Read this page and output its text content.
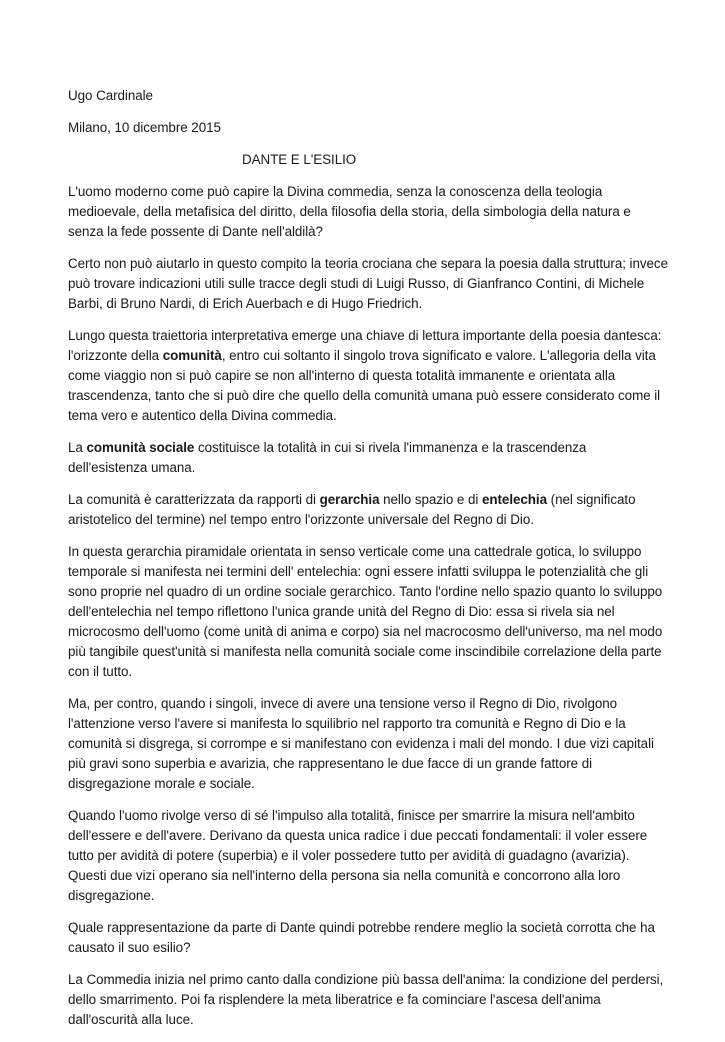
Ugo Cardinale
Milano, 10 dicembre 2015
DANTE E L'ESILIO

L'uomo moderno come può capire la Divina commedia, senza la conoscenza della teologia medioevale, della metafisica del diritto, della filosofia della storia, della simbologia della natura e senza la fede possente di Dante nell'aldilà?

Certo non può aiutarlo in questo compito la teoria crociana che separa la poesia dalla struttura; invece può trovare indicazioni utili sulle tracce degli studi di Luigi Russo, di Gianfranco Contini, di Michele Barbi, di Bruno Nardi, di Erich Auerbach e di Hugo Friedrich.

Lungo questa traiettoria interpretativa emerge una chiave di lettura importante della poesia dantesca: l'orizzonte della comunità, entro cui soltanto il singolo trova significato e valore. L'allegoria della vita come viaggio non si può capire se non all'interno di questa totalità immanente e orientata alla trascendenza, tanto che si può dire che quello della comunità umana può essere considerato come il tema vero e autentico della Divina commedia.

La comunità sociale costituisce la totalità in cui si rivela l'immanenza e la trascendenza dell'esistenza umana.

La comunità è caratterizzata da rapporti di gerarchia nello spazio e di entelechia (nel significato aristotelico del termine) nel tempo entro l'orizzonte universale del Regno di Dio.

In questa gerarchia piramidale orientata in senso verticale come una cattedrale gotica, lo sviluppo temporale si manifesta nei termini dell' entelechia: ogni essere infatti sviluppa le potenzialità che gli sono proprie nel quadro di un ordine sociale gerarchico. Tanto l'ordine nello spazio quanto lo sviluppo dell'entelechia nel tempo riflettono l'unica grande unità del Regno di Dio: essa si rivela sia nel microcosmo dell'uomo (come unità di anima e corpo) sia nel macrocosmo dell'universo, ma nel modo più tangibile quest'unità si manifesta nella comunità sociale come inscindibile correlazione della parte con il tutto.

Ma, per contro, quando i singoli, invece di avere una tensione verso il Regno di Dio, rivolgono l'attenzione verso l'avere si manifesta lo squilibrio nel rapporto tra comunità e Regno di Dio e la comunità si disgrega, si corrompe e si manifestano con evidenza i mali del mondo. I due vizi capitali più gravi sono superbia e avarizia, che rappresentano le due facce di un grande fattore di disgregazione morale e sociale.

Quando l'uomo rivolge verso di sé l'impulso alla totalità, finisce per smarrire la misura nell'ambito dell'essere e dell'avere. Derivano da questa unica radice i due peccati fondamentali: il voler essere tutto per avidità di potere (superbia) e il voler possedere tutto per avidità di guadagno (avarizia). Questi due vizi operano sia nell'interno della persona sia nella comunità e concorrono alla loro disgregazione.

Quale rappresentazione da parte di Dante quindi potrebbe rendere meglio la società corrotta che ha causato il suo esilio?

La Commedia inizia nel primo canto dalla condizione più bassa dell'anima: la condizione del perdersi, dello smarrimento. Poi fa risplendere la meta liberatrice e fa cominciare l'ascesa dell'anima dall'oscurità alla luce.
